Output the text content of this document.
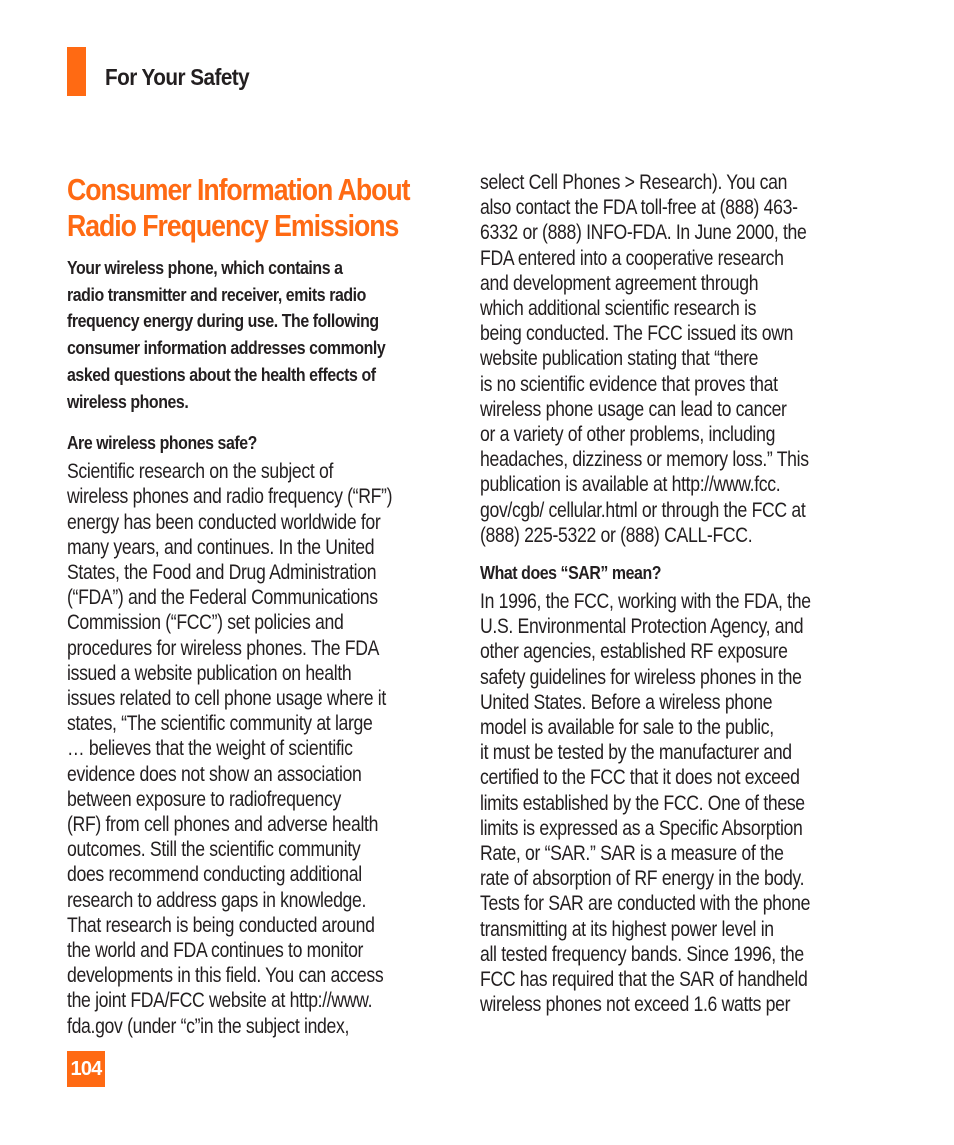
For Your Safety
Consumer Information About
Radio Frequency Emissions

Your wireless phone, which contains a
radio transmitter and receiver, emits radio
frequency energy during use. The following
consumer information addresses commonly
asked questions about the health effects of
wireless phones.

Are wireless phones safe?

Scientific research on the subject of
wireless phones and radio frequency (“RF”)
energy has been conducted worldwide for
many years, and continues. In the United
States, the Food and Drug Administration
(“FDA”) and the Federal Communications
Commission (“FCC”) set policies and
procedures for wireless phones. The FDA
issued a website publication on health
issues related to cell phone usage where it
states, “The scientific community at large
… believes that the weight of scientific
evidence does not show an association
between exposure to radiofrequency
(RF) from cell phones and adverse health
outcomes. Still the scientific community
does recommend conducting additional
research to address gaps in knowledge.
That research is being conducted around
the world and FDA continues to monitor
developments in this field. You can access
the joint FDA/FCC website at http://www.
fda.gov (under “c”in the subject index,

select Cell Phones > Research). You can
also contact the FDA toll-free at (888) 463-
6332 or (888) INFO-FDA. In June 2000, the
FDA entered into a cooperative research
and development agreement through
which additional scientific research is
being conducted. The FCC issued its own
website publication stating that “there
is no scientific evidence that proves that
wireless phone usage can lead to cancer
or a variety of other problems, including
headaches, dizziness or memory loss.” This
publication is available at http://www.fcc.
gov/cgb/ cellular.html or through the FCC at
(888) 225-5322 or (888) CALL-FCC.

What does “SAR” mean?

In 1996, the FCC, working with the FDA, the
U.S. Environmental Protection Agency, and
other agencies, established RF exposure
safety guidelines for wireless phones in the
United States. Before a wireless phone
model is available for sale to the public,
it must be tested by the manufacturer and
certified to the FCC that it does not exceed
limits established by the FCC. One of these
limits is expressed as a Specific Absorption
Rate, or “SAR.” SAR is a measure of the
rate of absorption of RF energy in the body.
Tests for SAR are conducted with the phone
transmitting at its highest power level in
all tested frequency bands. Since 1996, the
FCC has required that the SAR of handheld
wireless phones not exceed 1.6 watts per

104
